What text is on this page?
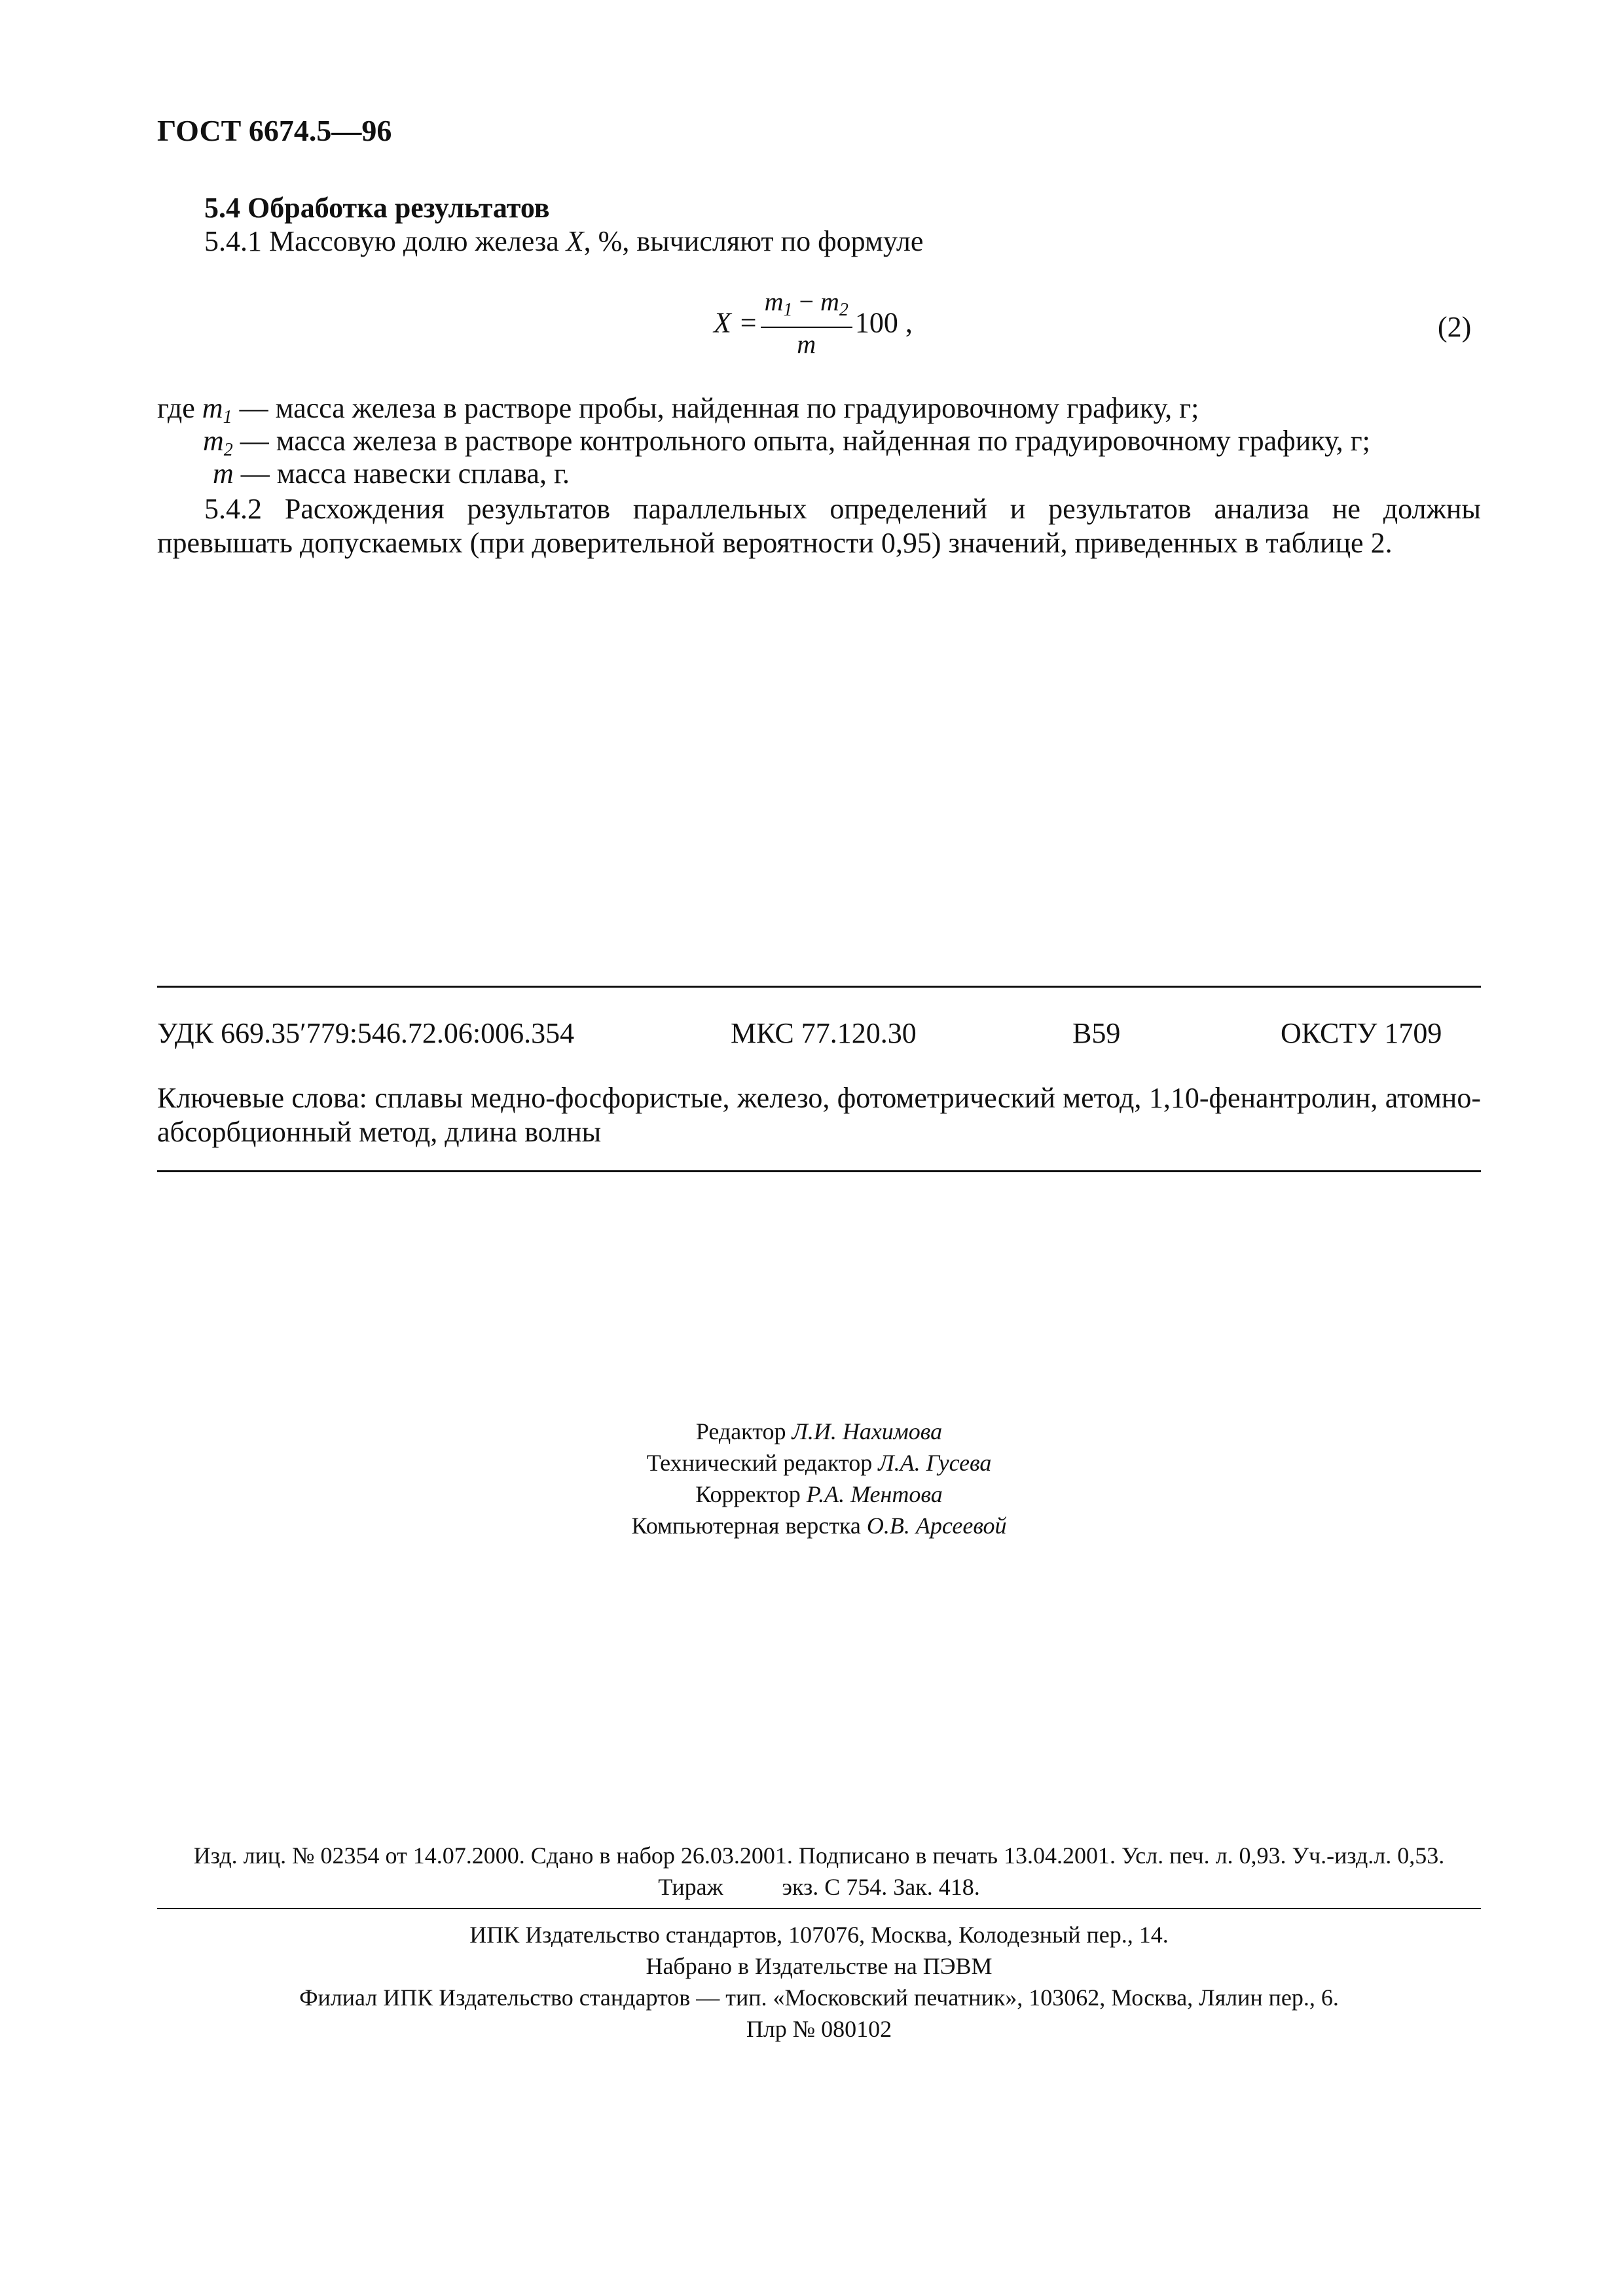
ГОСТ 6674.5—96
5.4 Обработка результатов
5.4.1 Массовую долю железа X, %, вычисляют по формуле
$X = \frac{m_1 - m_2}{m} 100$ ,	(2)
где $m_1$ — масса железа в растворе пробы, найденная по градуировочному графику, г;
$m_2$ — масса железа в растворе контрольного опыта, найденная по градуировочному графику, г;
m — масса навески сплава, г.
5.4.2 Расхождения результатов параллельных определений и результатов анализа не должны превышать допускаемых (при доверительной вероятности 0,95) значений, приведенных в таблице 2.
УДК 669.35′779:546.72.06:006.354	МКС 77.120.30	В59	ОКСТУ 1709
Ключевые слова: сплавы медно-фосфористые, железо, фотометрический метод, 1,10-фенантролин, атомно-абсорбционный метод, длина волны
Редактор Л.И. Нахимова
Технический редактор Л.А. Гусева
Корректор Р.А. Ментова
Компьютерная верстка О.В. Арсеевой
Изд. лиц. № 02354 от 14.07.2000. Сдано в набор 26.03.2001. Подписано в печать 13.04.2001. Усл. печ. л. 0,93. Уч.-изд.л. 0,53.
Тираж	экз. С 754. Зак. 418.
ИПК Издательство стандартов, 107076, Москва, Колодезный пер., 14.
Набрано в Издательстве на ПЭВМ
Филиал ИПК Издательство стандартов — тип. «Московский печатник», 103062, Москва, Лялин пер., 6.
Плр № 080102
